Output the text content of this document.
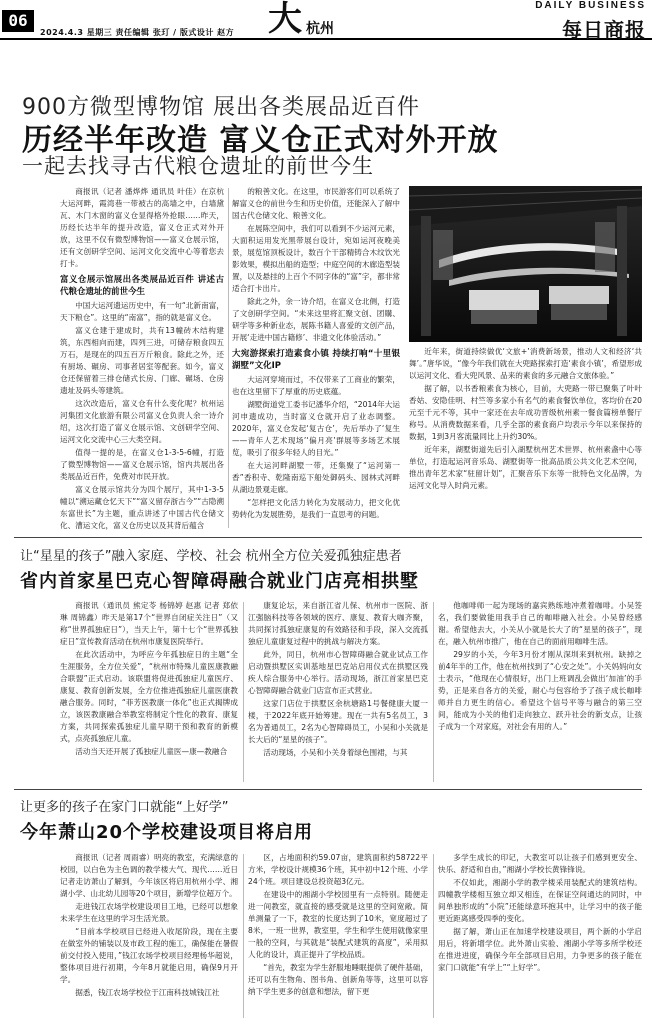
06
2024.4.3 星期三 责任编辑 张玎 / 版式设计 赵方 大 杭州
DAILY BUSINESS
每日商报
900方微型博物馆 展出各类展品近百件
历经半年改造 富义仓正式对外开放
一起去找寻古代粮仓遗址的前世今生

商报讯（记者 潘烨烨 通讯员 叶佳）在京杭大运河畔，霞湾巷一带被古的高墙之中，白墙黛瓦、木门木窗的富义仓显得格外抢眼……昨天，历经长达半年的提升改造，富义仓正式对外开放，这里不仅有微型博物馆——富义仓展示馆，还有文创研学空间、运河文化交流中心等着您去打卡。

富义仓展示馆展出各类展品近百件 讲述古代粮仓遗址的前世今生

中国大运河遗运历史中，有一句“北新南富，天下粮仓”。这里的“南富”，指的就是富义仓。

富义仓建于建成时，共有13幢砖木结构建筑，东西相向而建，四列三进，可储存粮食四五万石，是现在的四五百万斤粮食。除此之外，还有厨场、碾房、司事者居室等配套。如今，富义仓还保留着三排仓储式长房、门廊、碾场、仓房遗址及码头等建筑。

这次改造后，富义仓有什么变化呢？杭州运河集团文化旅游有限公司富义仓负责人余一诗介绍，这次打造了富义仓展示馆、文创研学空间、运河文化交流中心三大类空间。

值得一提的是，在富义仓1-3-5-6幢，打造了微型博物馆——富义仓展示馆，馆内共展出各类展品近百件，免费对市民开放。

富义仓展示馆共分为四个展厅，其中1-3-5幢以“溯运藏仓忆天下”“富义留存浙古今”“古隐溯东富世长”为主题，重点讲述了中国古代仓储文化、漕运文化，富义仓历史以及其背后蕴含

的粮善文化。在这里，市民游客们可以系统了解富义仓的前世今生和历史价值，还能深入了解中国古代仓储文化、粮善文化。

在展陈空间中，我们可以看到不少运河元素，大面积运用发光黑带展台设计，宛如运河夜晚美景，展览馆顶板设计，数百个干部精铸合木纹饮光影效果，模拟出船的造型；中庭空间的木廊造型装置，以及悬挂的上百个不同字体的“富”字，都非常适合打卡出片。

除此之外，余一诗介绍，在富义仓北侧，打造了文创研学空间。“未来这里将汇聚文创、团購、研学等多种新业态，展陈书籍人喜爱的文创产品，开展‘走进中国古籍修’、非遗文化体验活动。”

大宛游探索打造素食小镇 持续打响“十里银湖墅”文化IP

大运河穿境而过，不仅带来了工商业的繁荣，也在这里留下了厚重的历史底蕴。

湖墅街道党工委书记潘华介绍，“2014年大运河申遗成功，当时富义仓就开启了业态调整。2020年，富义仓发起‘复古仓’，先后举办了‘复生——青年人艺术现场’‘偏月亮’群展等多场艺术展览，吸引了很多年轻人的目光。”

在大运河畔湖墅一带，还集聚了“运河第一香”香积寺、乾隆南巡下船处御码头、园林式河畔从湖边景观走廊。

“怎样把文化活力转化为发展动力，把文化优势转化为发展胜势，是我们一直思考的问题。

近年来，街道持续做优‘文旅+’消费新场景，推动人文和经济‘共舞’。”唐华说，“像今年我们就在大兜路探索打造‘素食小镇’，希望形成以运河文化、看大兜风景、品来的素食的多元融合文旅体验。”

据了解，以书香粮素食为核心，目前，大兜路一带已聚集了叶叶香姑、安隐佳明、村竺等多家小有名气的素食餐饮单位，客均价在20元至千元不等，其中一家还在去年成功晋级杭州素一餐食篇榜单餐厅称号。从消费数据来看，几乎全部的素食商户均表示今年以来保持的数据，1到3月客流量同比上升约30%。

近年来，湖墅街道先后引入湖墅杭州艺术世界、杭州素盏中心等单位，打造起运河音乐岛、湖墅街等一批高品质公共文化艺术空间，推出青年艺术家“驻留计划”，汇聚音乐下东等一批特色文化品牌，为运河文化导入时尚元素。

让“星星的孩子”融入家庭、学校、社会 杭州全方位关爱孤独症患者
省内首家星巴克心智障碍融合就业门店亮相拱墅

商报讯（通讯员 熊定苓 杨锦婷 赵惠 记者 郑依琳 周锦鑫）昨天是第17个“世界自闭症关注日”（又称“世界孤独症日”），当天上午，第十七个“世界孤独症日”宣传教育活动在杭州市康复医院举行。

在此次活动中，为呼应今年孤独症日的主题“全生涯服务，全方位关爱”，“杭州市特殊儿童医康教融合联盟”正式启动。该联盟将促进孤独症儿童医疗、康复、教育创新发展，全方位推进孤独症儿童医康教融合服务。同时，“菲芳医教康一体化”也正式揭牌成立，该医教康融合举教室将制定个性化的教育、康复方案，共同探索孤独症儿童早期干预和教育的新模式，点亮孤独症儿童。

活动当天还开展了孤独症儿童医—康—教融合

康复论坛，来自浙江省儿保、杭州市一医院、浙江强脑科技等各领域的医疗、康复、教育大咖齐聚，共同探讨孤独症康复的有效路径和手段，深入交流孤独症儿童康复过程中的挑战与解决方案。

此外，同日，杭州市心智障碍融合就业试点工作启动暨拱墅区实训基地星巴克站启用仪式在拱墅区残疾人综合服务中心举行。活动现场，浙江首家星巴克心智障碍融合就业门店宣布正式营业。

这家门店位于拱墅区余杭塘路1号餐健康大厦一楼，于2022年底开始筹建。现在一共有5名员工，3名为普通员工，2名为心智障碍员工，小吴和小关就是长大后的“星星的孩子”。

活动现场，小吴和小关身着绿色围裙，与其

他咖啡师一起为现场的嘉宾熟练地冲煮着咖啡。小吴签名，我们要做能用我手自己的咖啡融入社会。小吴曾经感谢。希望他去大，小关从小就是长大了的“星星的孩子”，现在，融入杭州市推广，他在自己的面前用咖啡生活。

29岁的小关，今年3月份才刚从深圳来到杭州。缺掉之前4年半的工作，他在杭州找到了“心安之处”。小关妈妈向女士表示，“他现在心情很好，出门上班调乱会做出‘加油’的手势，正是来自各方的关爱，耐心与包容给予了孩子成长咖啡师并自力更生的信心。希望这个信号平等与融合的第三空间，能成为小关的他们走向独立、跃升社会的新支点，让孩子成为一个对家庭，对社会有用的人。”

让更多的孩子在家门口就能“上好学”
今年萧山20个学校建设项目将启用

商报讯（记者 周雨睿）明亮的教室，充满绿意的校园，以白色为主色调的教学楼大气、现代……近日记者走访萧山了解到，今年该区将启用杭州小学、湘湖小学、山北幼儿园等20个项目，新增学位超万个。

走进钱江农场学校建设项目工地，已经可以想象未来学生在这里的学习生活光景。

“目前本学校项目已经进入收尾阶段，现在主要在做室外的铺装以及市政工程的施工，确保能在暑假前交付投入使用，”钱江农场学校项目经理杨华超说，整体项目进行初期，今年8月就能启用，确保9月开学。

据悉，钱江农场学校位于江南科技城钱江社

区，占地面积约59.07亩，建筑面积约58722平方米，学校设计规模36个班，其中初中12个班、小学24个班。项目建设总投资超3亿元。

在建设中的湘湖小学校园里有一点特别。随便走进一间教室，就直接的感受就是这里的空间宽敞。简单测量了一下，教室的长度达到了10米，宽度超过了8米，一班一世界，教室里，学生和学生使用就像家里一般的空间，与其就是“装配式建筑的高度”，采用拟人化的设计，真正提升了学校品质。

“首先，教室为学生舒服地睡眠提供了硬件基础，还可以有生物角、图书角、创新角等等，这里可以容纳下学生更多的创意和想法，留下更

多学生成长的印记，大教室可以让孩子们感到更安全、快乐、舒适和自由，”湘湖小学校长黄锋锋说。

不仅如此，湘湖小学的教学楼采用装配式的建筑结构。四幢教学楼相互独立却又相连，在保证空间通达的同时，中间单独形成的“小院”还能绿意环抱其中，让学习中的孩子能更近距离感受四季的变化。

据了解，萧山正在加速学校建设项目，两个新的小学启用后，将新增学位。此外萧山实验、湘湖小学等多所学校还在推进进度，确保今年全部项目启用，力争更多的孩子能在家门口就能“有学上”“上好学”。
